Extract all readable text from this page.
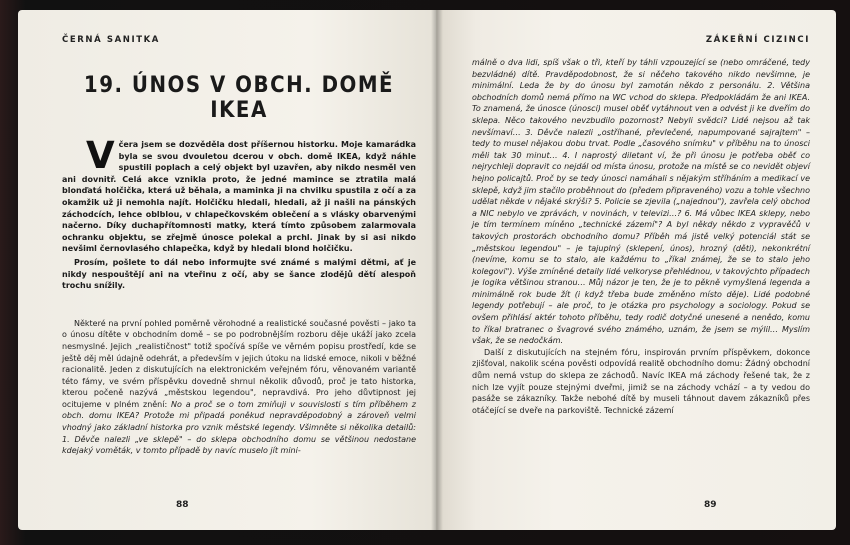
ČERNÁ SANITKA
19. ÚNOS V OBCH. DOMĚ IKEA
V čera jsem se dozvěděla dost příšernou historku. Moje kamarádka byla se svou dvouletou dcerou v obch. domě IKEA, když náhle spustili poplach a celý objekt byl uzavřen, aby nikdo nesměl ven ani dovnitř. Celá akce vznikla proto, že jedné mamince se ztratila malá blonďatá holčička, která už běhala, a maminka ji na chvilku spustila z očí a za okamžik už ji nemohla najít. Holčičku hledali, hledali, až ji našli na pánských záchodcích, lehce oblblou, v chlapečkovském oblečení a s vlásky obarvenými načerno. Díky duchapřítomnosti matky, která tímto způsobem zalarmovala ochranku objektu, se zřejmě únosce polekal a prchl. Jinak by si asi nikdo nevšiml černovlasého chlapečka, když by hledali blond holčičku.

Prosím, pošlete to dál nebo informujte své známé s malými dětmi, ať je nikdy nespouštějí ani na vteřinu z očí, aby se šance zlodějů dětí alespoň trochu snížily.

Některé na první pohled poměrně věrohodné a realistické současné pověsti – jako ta o únosu dítěte v obchodním domě – se po podrobnějším rozboru děje ukáží jako zcela nesmyslné. Jejich „realističnost" totiž spočívá spíše ve věrném popisu prostředí, kde se ještě děj měl údajně odehrát, a především v jejich útoku na lidské emoce, nikoli v běžné racionalitě. Jeden z diskutujících na elektronickém veřejném fóru, věnovaném variantě této fámy, ve svém příspěvku dovedně shrnul několik důvodů, proč je tato historka, kterou počeně nazývá „městskou legendou", nepravdivá. Pro jeho důvtipnost jej ocitujeme v plném znění: No a proč se o tom zmiňuji v souvislosti s tím příběhem z obch. domu IKEA? Protože mi připadá poněkud nepravděpodobný a zároveň velmi vhodný jako základní historka pro vznik městské legendy. Všimněte si několika detailů: 1. Děvče nalezli „ve sklepě" – do sklepa obchodního domu se většinou nedostane kdejaký voměták, v tomto případě by navíc muselo jít mini-

88
ZÁKEŘNÍ CIZINCI

málně o dva lidi, spíš však o tři, kteří by táhli vzpouzející se (nebo omráčené, tedy bezvládné) dítě. Pravděpodobnost, že si něčeho takového nikdo nevšimne, je minimální. Leda že by do únosu byl zamotán někdo z personálu. 2. Většina obchodních domů nemá přímo na WC vchod do sklepa. Předpokládám že ani IKEA. To znamená, že únosce (únosci) musel oběť vytáhnout ven a odvést ji ke dveřím do sklepa. Něco takového nevzbudilo pozornost? Nebyli svědci? Lidé nejsou až tak nevšímaví… 3. Děvče nalezli „ostříhané, převlečené, napumpované sajrajtem" – tedy to musel nějakou dobu trvat. Podle „časového snímku" v příběhu na to únosci měli tak 30 minut… 4. I naprostý diletant ví, že při únosu je potřeba oběť co nejrychleji dopravit co nejdál od místa únosu, protože na místě se co nevidět objeví hejno policajtů. Proč by se tedy únosci namáhali s nějakým stříháním a medikací ve sklepě, když jim stačilo proběhnout do (předem připraveného) vozu a tohle všechno udělat někde v nějaké skrýši? 5. Policie se zjevila („najednou"), zavřela celý obchod a NIC nebylo ve zprávách, v novinách, v televizi…? 6. Má vůbec IKEA sklepy, nebo je tím termínem míněno „technické zázemí"? A byl někdy někdo z vypravěčů v takových prostorách obchodního domu? Příběh má jistě velký potenciál stát se „městskou legendou" – je tajuplný (sklepení, únos), hrozný (děti), nekonkrétní (nevíme, komu se to stalo, ale každému to „říkal známej, že se to stalo jeho kolegovi"). Výše zmíněné detaily lidé velkoryse přehlédnou, v takovýchto případech je logika většinou stranou… Můj názor je ten, že je to pěkně vymyšlená legenda a minimálně rok bude žít (i když třeba bude změněno místo děje). Lidé podobné legendy potřebují – ale proč, to je otázka pro psychology a sociology. Pokud se ovšem přihlásí aktér tohoto příběhu, tedy rodič dotyčné unesené a nenědo, komu to říkal bratranec o švagrové svého známého, uznám, že jsem se mýlil… Myslím však, že se nedočkám.

Další z diskutujících na stejném fóru, inspirován prvním příspěvkem, dokonce zjišťoval, nakolik scéna pověsti odpovídá realitě obchodního domu: Žádný obchodní dům nemá vstup do sklepa ze záchodů. Navíc IKEA má záchody řešené tak, že z nich lze vyjít pouze stejnými dveřmi, jimiž se na záchody vchází – a ty vedou do pasáže se zákazníky. Takže nebohé dítě by museli táhnout davem zákazníků přes otáčející se dveře na parkoviště. Technické zázemí

89
